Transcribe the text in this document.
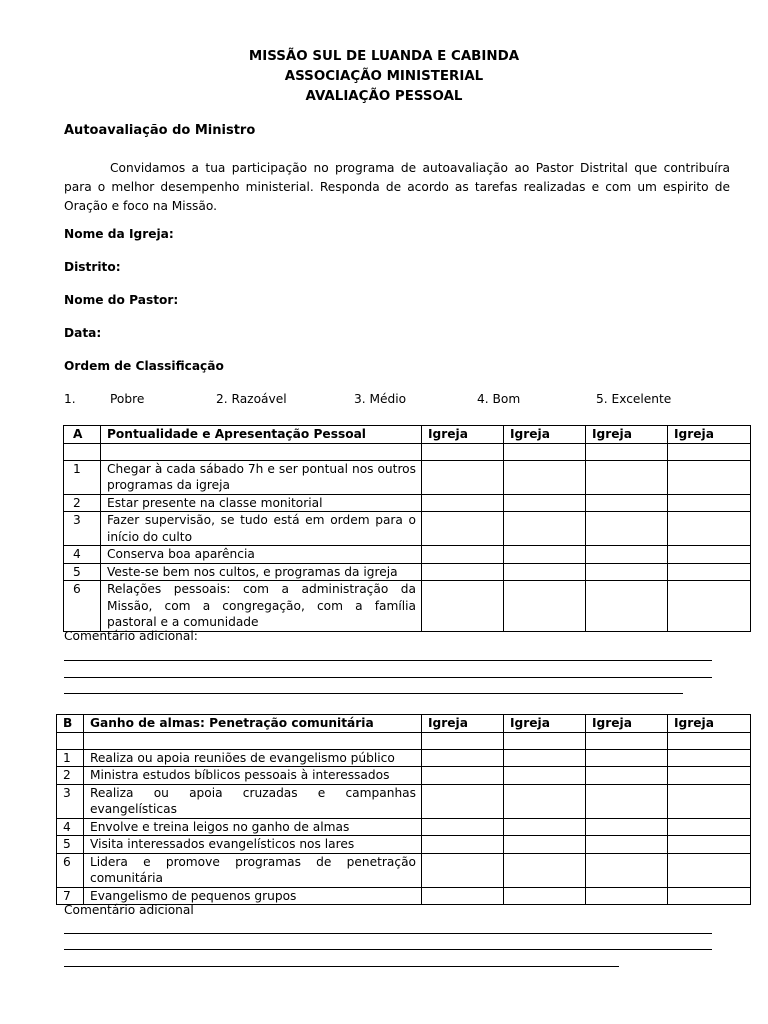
MISSÃO SUL DE LUANDA E CABINDA
ASSOCIAÇÃO MINISTERIAL
AVALIAÇÃO PESSOAL
Autoavaliação do Ministro
Convidamos a tua participação no programa de autoavaliação ao Pastor Distrital que contribuíra para o melhor desempenho ministerial. Responda de acordo as tarefas realizadas e com um espirito de Oração e foco na Missão.
Nome da Igreja:
Distrito:
Nome do Pastor:
Data:
Ordem de Classificação
1.	Pobre	2. Razoável	3. Médio	4. Bom	5. Excelente
A	Pontualidade e Apresentação Pessoal	Igreja	Igreja	Igreja	Igreja

1	Chegar à cada sábado 7h e ser pontual nos outros programas da igreja				
2	Estar presente na classe monitorial				
3	Fazer supervisão, se tudo está em ordem para o início do culto				
4	Conserva boa aparência				
5	Veste-se bem nos cultos, e programas da igreja				
6	Relações pessoais: com a administração da Missão, com a congregação, com a família pastoral e a comunidade				
Comentário adicional:
B	Ganho de almas: Penetração comunitária	Igreja	Igreja	Igreja	Igreja

1	Realiza ou apoia reuniões de evangelismo público				
2	Ministra estudos bíblicos pessoais à interessados				
3	Realiza ou apoia cruzadas e campanhas evangelísticas				
4	Envolve e treina leigos no ganho de almas				
5	Visita interessados evangelísticos nos lares				
6	Lidera e promove programas de penetração comunitária				
7	Evangelismo de pequenos grupos				
Comentário adicional
